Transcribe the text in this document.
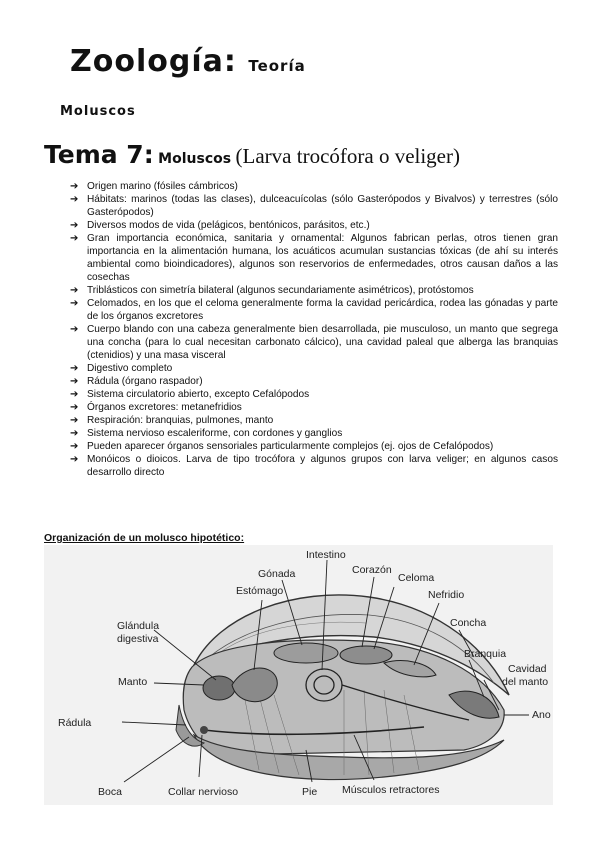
Zoología: Teoría
Moluscos
Tema 7: Moluscos (Larva trocófora o veliger)
➔ Origen marino (fósiles cámbricos)
➔ Hábitats: marinos (todas las clases), dulceacuícolas (sólo Gasterópodos y Bivalvos) y terrestres (sólo Gasterópodos)
➔ Diversos modos de vida (pelágicos, bentónicos, parásitos, etc.)
➔ Gran importancia económica, sanitaria y ornamental: Algunos fabrican perlas, otros tienen gran importancia en la alimentación humana, los acuáticos acumulan sustancias tóxicas (de ahí su interés ambiental como bioindicadores), algunos son reservorios de enfermedades, otros causan daños a las cosechas
➔ Triblásticos con simetría bilateral (algunos secundariamente asimétricos), protóstomos
➔ Celomados, en los que el celoma generalmente forma la cavidad pericárdica, rodea las gónadas y parte de los órganos excretores
➔ Cuerpo blando con una cabeza generalmente bien desarrollada, pie musculoso, un manto que segrega una concha (para lo cual necesitan carbonato cálcico), una cavidad paleal que alberga las branquias (ctenidios) y una masa visceral
➔ Digestivo completo
➔ Rádula (órgano raspador)
➔ Sistema circulatorio abierto, excepto Cefalópodos
➔ Órganos excretores: metanefridios
➔ Respiración: branquias, pulmones, manto
➔ Sistema nervioso escaleriforme, con cordones y ganglios
➔ Pueden aparecer órganos sensoriales particularmente complejos (ej. ojos de Cefalópodos)
➔ Monóicos o dioicos. Larva de tipo trocófora y algunos grupos con larva veliger; en algunos casos desarrollo directo
Organización de un molusco hipotético:
Intestino
Gónada	Corazón
Celoma
Estómago	Nefridio
Glándula
digestiva
Concha
Branquia
Cavidad
del manto
Manto
Ano
Rádula
Boca	Collar nervioso	Pie Músculos retractores
